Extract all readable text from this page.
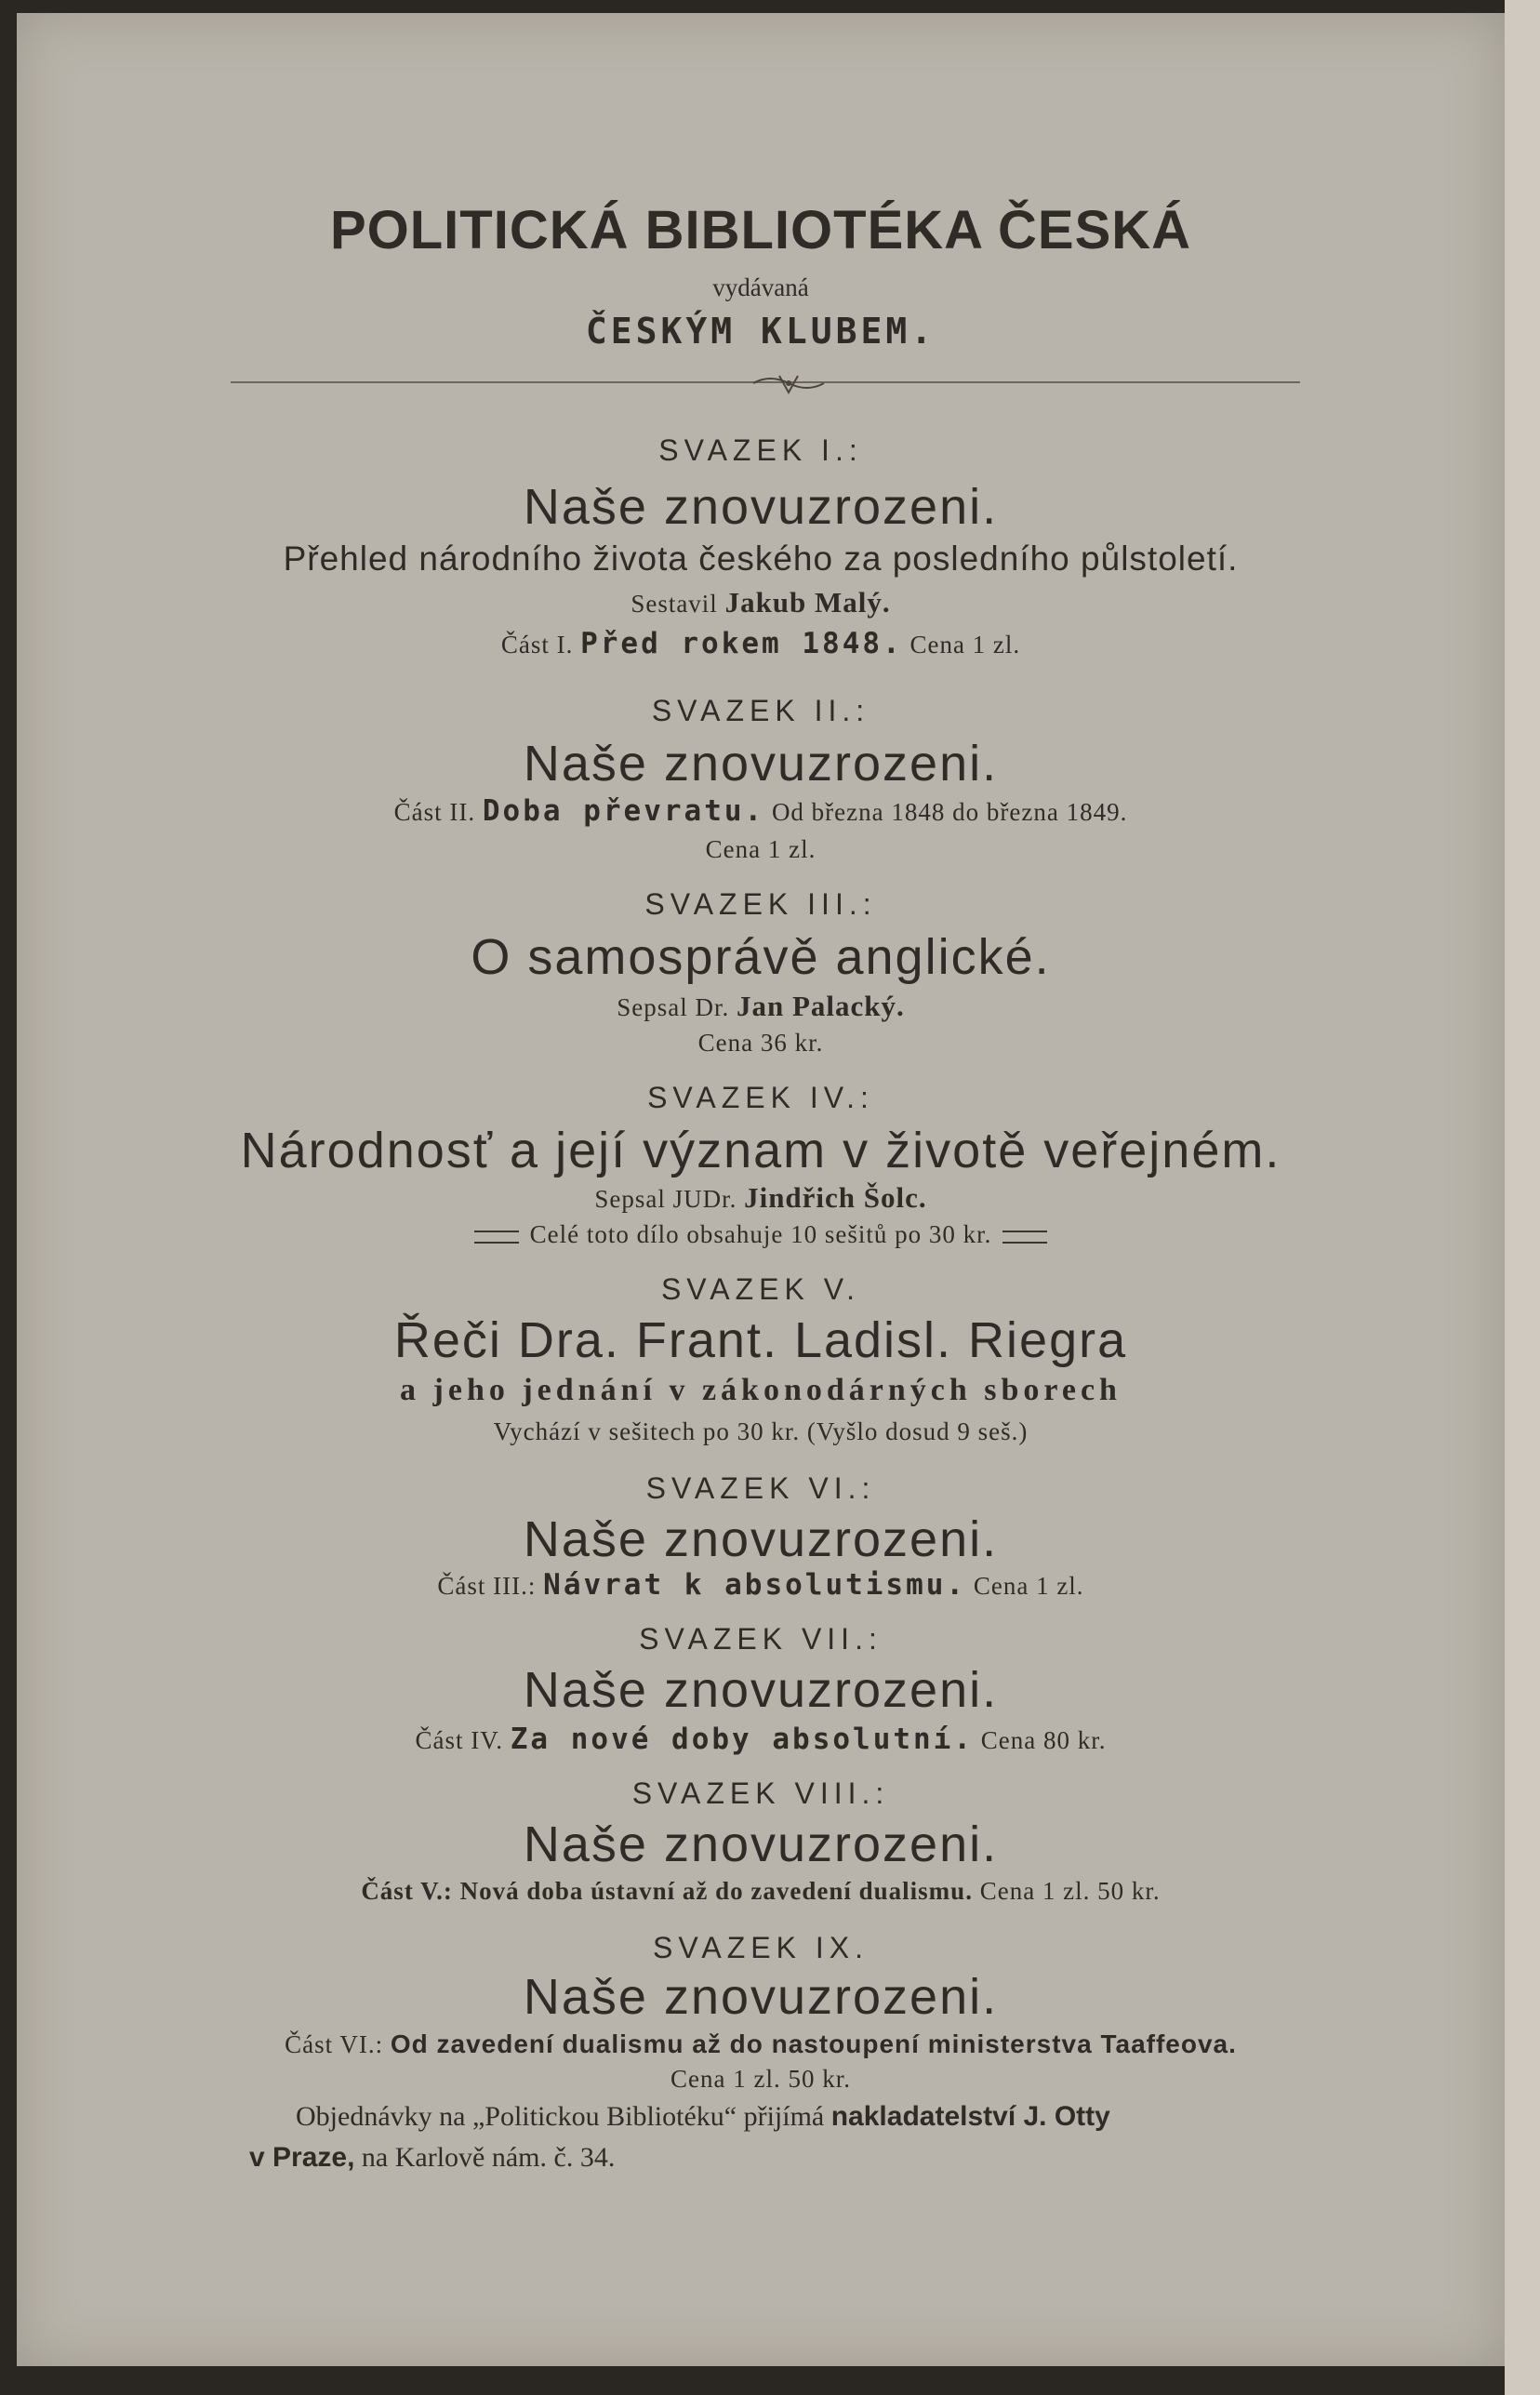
POLITICKÁ BIBLIOTÉKA ČESKÁ
vydávaná
ČESKÝM KLUBEM.
SVAZEK I.:
Naše znovuzrozeni.
Přehled národního života českého za posledního půlstoletí.
Sestavil Jakub Malý.
Část I. Před rokem 1848. Cena 1 zl.
SVAZEK II.:
Naše znovuzrozeni.
Část II. Doba převratu. Od března 1848 do března 1849.
Cena 1 zl.
SVAZEK III.:
O samosprávě anglické.
Sepsal Dr. Jan Palacký.
Cena 36 kr.
SVAZEK IV.:
Národnosť a její význam v životě veřejném.
Sepsal JUDr. Jindřich Šolc.
Celé toto dílo obsahuje 10 sešitů po 30 kr.
SVAZEK V.
Řeči Dra. Frant. Ladisl. Riegra
a jeho jednání v zákonodárných sborech
Vychází v sešitech po 30 kr. (Vyšlo dosud 9 seš.)
SVAZEK VI.:
Naše znovuzrozeni.
Část III.: Návrat k absolutismu. Cena 1 zl.
SVAZEK VII.:
Naše znovuzrozeni.
Část IV. Za nové doby absolutní. Cena 80 kr.
SVAZEK VIII.:
Naše znovuzrozeni.
Část V.: Nová doba ústavní až do zavedení dualismu. Cena 1 zl. 50 kr.
SVAZEK IX.
Naše znovuzrozeni.
Část VI.: Od zavedení dualismu až do nastoupení ministerstva Taaffeova.
Cena 1 zl. 50 kr.
Objednávky na „Politickou Bibliotéku“ přijímá nakladatelství J. Otty
v Praze, na Karlově nám. č. 34.
